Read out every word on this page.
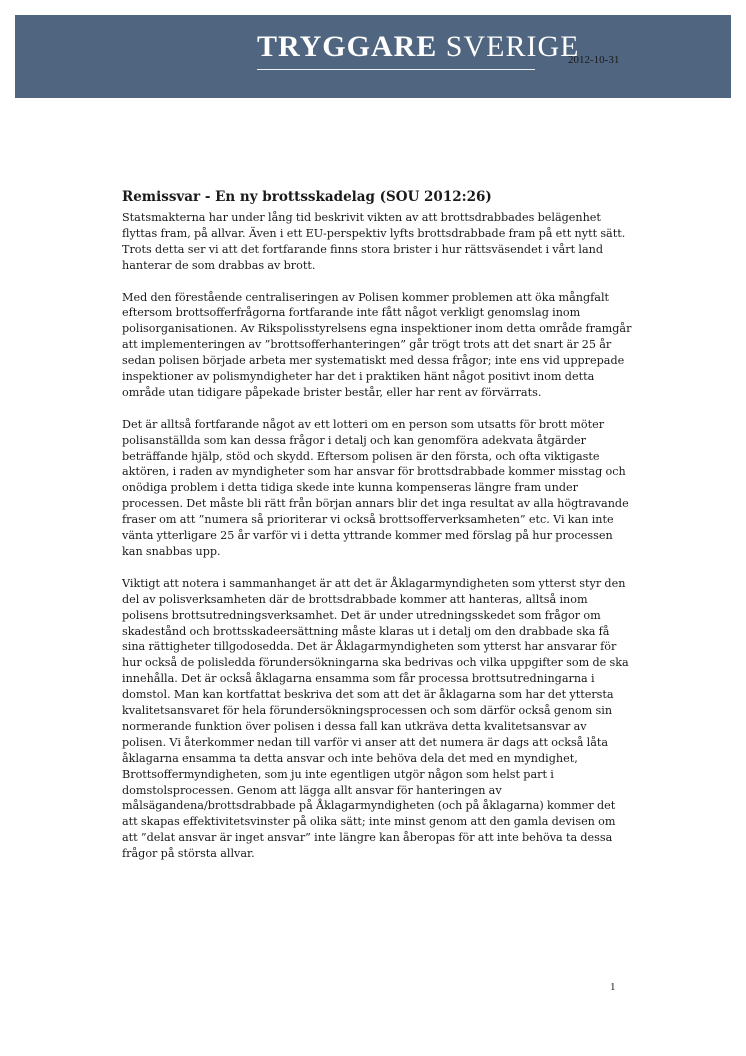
TRYGGARE SVERIGE
2012-10-31
Remissvar - En ny brottsskadelag (SOU 2012:26)

Statsmakterna har under lång tid beskrivit vikten av att brottsdrabbades belägenhet flyttas fram, på allvar. Även i ett EU-perspektiv lyfts brottsdrabbade fram på ett nytt sätt. Trots detta ser vi att det fortfarande finns stora brister i hur rättsväsendet i vårt land hanterar de som drabbas av brott.

Med den förestående centraliseringen av Polisen kommer problemen att öka mångfalt eftersom brottsofferfrågorna fortfarande inte fått något verkligt genomslag inom polisorganisationen. Av Rikspolisstyrelsens egna inspektioner inom detta område framgår att implementeringen av ”brottsofferhanteringen” går trögt trots att det snart är 25 år sedan polisen började arbeta mer systematiskt med dessa frågor; inte ens vid upprepade inspektioner av polismyndigheter har det i praktiken hänt något positivt inom detta område utan tidigare påpekade brister består, eller har rent av förvärrats.

Det är alltså fortfarande något av ett lotteri om en person som utsatts för brott möter polisanställda som kan dessa frågor i detalj och kan genomföra adekvata åtgärder beträffande hjälp, stöd och skydd. Eftersom polisen är den första, och ofta viktigaste aktören, i raden av myndigheter som har ansvar för brottsdrabbade kommer misstag och onödiga problem i detta tidiga skede inte kunna kompenseras längre fram under processen. Det måste bli rätt från början annars blir det inga resultat av alla högtravande fraser om att ”numera så prioriterar vi också brottsofferverksamheten” etc. Vi kan inte vänta ytterligare 25 år varför vi i detta yttrande kommer med förslag på hur processen kan snabbas upp.

Viktigt att notera i sammanhanget är att det är Åklagarmyndigheten som ytterst styr den del av polisverksamheten där de brottsdrabbade kommer att hanteras, alltså inom polisens brottsutredningsverksamhet. Det är under utredningsskedet som frågor om skadestånd och brottsskadeersättning måste klaras ut i detalj om den drabbade ska få sina rättigheter tillgodosedda. Det är Åklagarmyndigheten som ytterst har ansvarar för hur också de polisledda förundersökningarna ska bedrivas och vilka uppgifter som de ska innehålla. Det är också åklagarna ensamma som får processa brottsutredningarna i domstol. Man kan kortfattat beskriva det som att det är åklagarna som har det yttersta kvalitetsansvaret för hela förundersökningsprocessen och som därför också genom sin normerande funktion över polisen i dessa fall kan utkräva detta kvalitetsansvar av polisen. Vi återkommer nedan till varför vi anser att det numera är dags att också låta åklagarna ensamma ta detta ansvar och inte behöva dela det med en myndighet, Brottsoffermyndigheten, som ju inte egentligen utgör någon som helst part i domstolsprocessen. Genom att lägga allt ansvar för hanteringen av målsägandena/brottsdrabbade på Åklagarmyndigheten (och på åklagarna) kommer det att skapas effektivitetsvinster på olika sätt; inte minst genom att den gamla devisen om att ”delat ansvar är inget ansvar” inte längre kan åberopas för att inte behöva ta dessa frågor på största allvar.

1
